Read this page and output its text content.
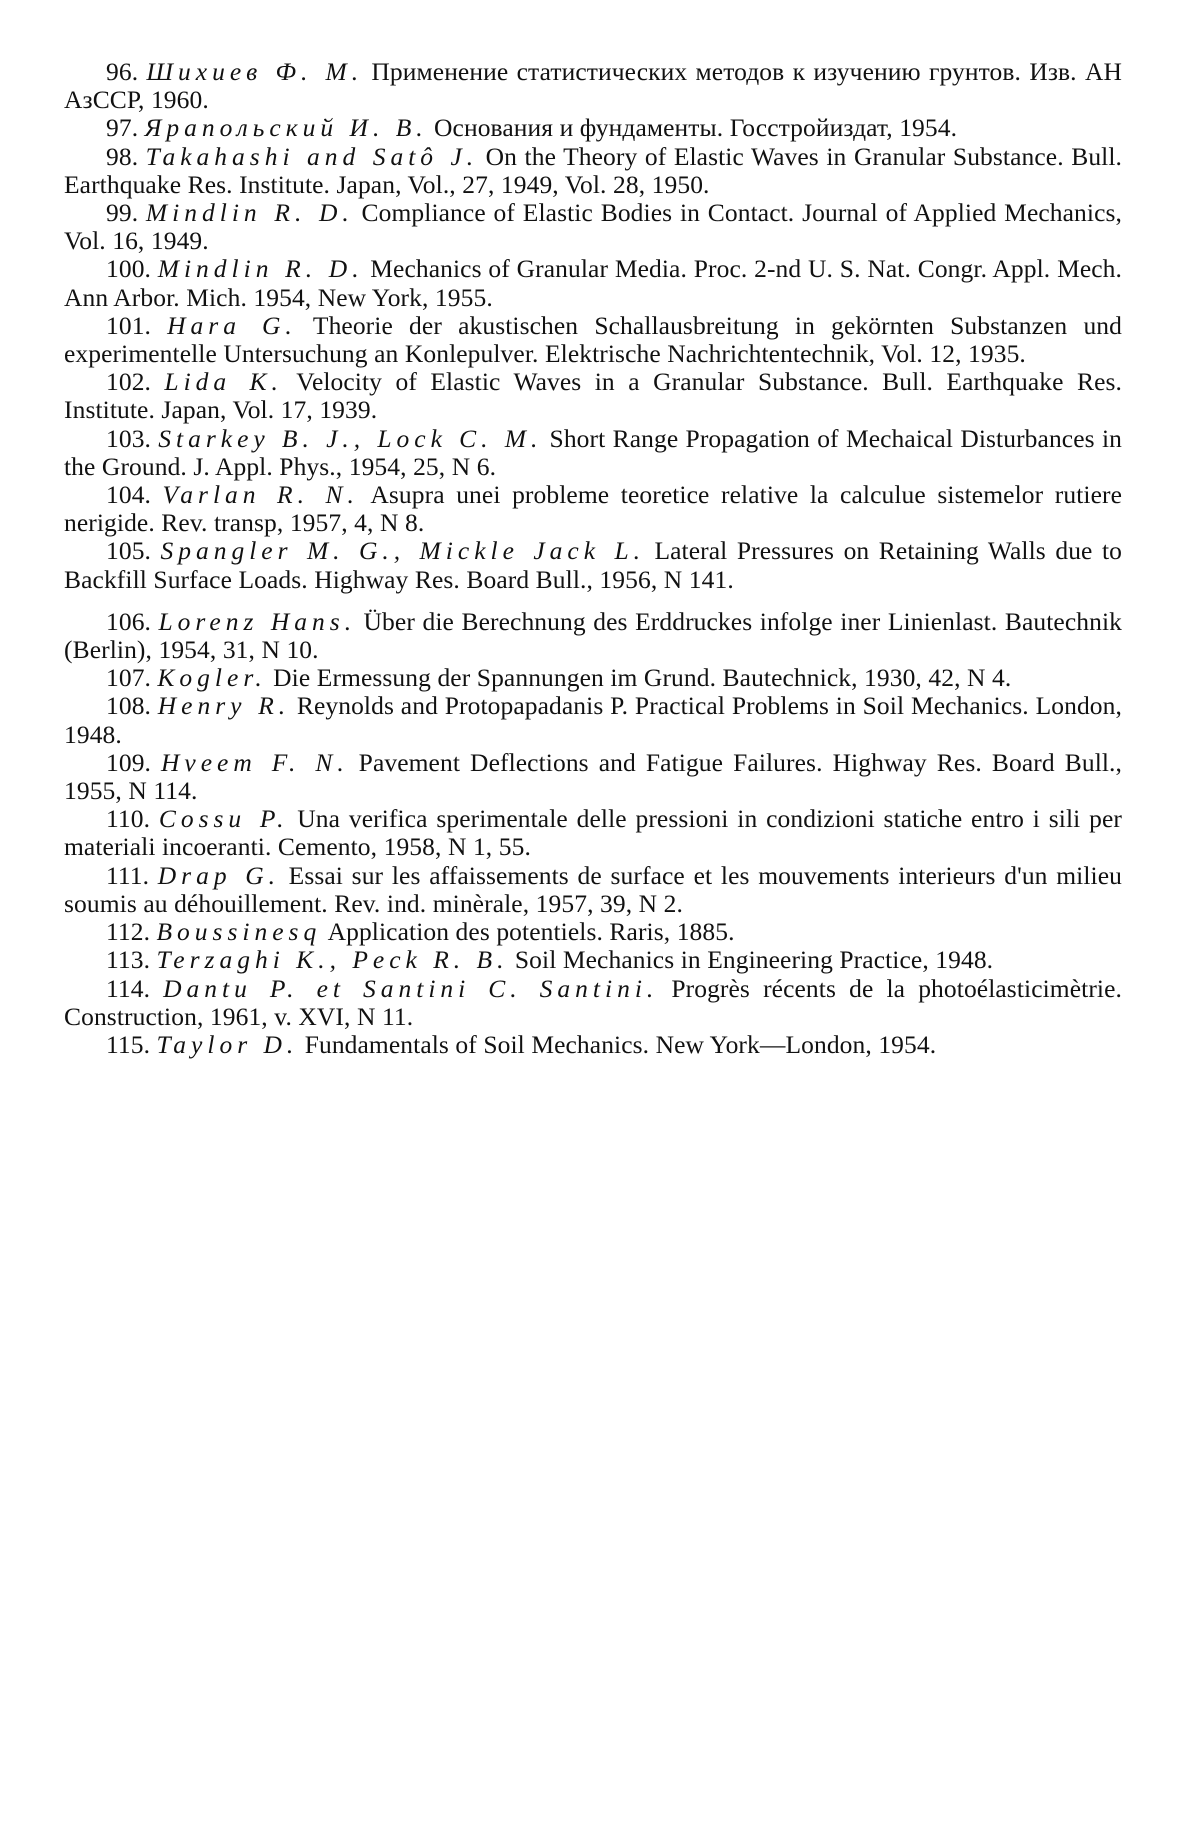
96. Шихиев Ф. М. Применение статистических методов к изучению грунтов. Изв. АН АзССР, 1960.

97. Ярапольский И. В. Основания и фундаменты. Госстройиздат, 1954.

98. Takahashi and Satô J. On the Theory of Elastic Waves in Granular Substance. Bull. Earthquake Res. Institute. Japan, Vol., 27, 1949, Vol. 28, 1950.

99. Mindlin R. D. Compliance of Elastic Bodies in Contact. Journal of Applied Mechanics, Vol. 16, 1949.

100. Mindlin R. D. Mechanics of Granular Media. Proc. 2-nd U. S. Nat. Congr. Appl. Mech. Ann Arbor. Mich. 1954, New York, 1955.

101. Hara G. Theorie der akustischen Schallausbreitung in gekörnten Substanzen und experimentelle Untersuchung an Konlepulver. Elektrische Nachrichtentechnik, Vol. 12, 1935.

102. Lida K. Velocity of Elastic Waves in a Granular Substance. Bull. Earthquake Res. Institute. Japan, Vol. 17, 1939.

103. Starkey B. J., Lock C. M. Short Range Propagation of Mechaical Disturbances in the Ground. J. Appl. Phys., 1954, 25, N 6.

104. Varlan R. N. Asupra unei probleme teoretice relative la calculue sistemelor rutiere nerigide. Rev. transp, 1957, 4, N 8.

105. Spangler M. G., Mickle Jack L. Lateral Pressures on Retaining Walls due to Backfill Surface Loads. Highway Res. Board Bull., 1956, N 141.

106. Lorenz Hans. Über die Berechnung des Erddruckes infolge iner Linienlast. Bautechnik (Berlin), 1954, 31, N 10.

107. Kogler. Die Ermessung der Spannungen im Grund. Bautechnick, 1930, 42, N 4.

108. Henry R. Reynolds and Protopapadanis P. Practical Problems in Soil Mechanics. London, 1948.

109. Hveem F. N. Pavement Deflections and Fatigue Failures. Highway Res. Board Bull., 1955, N 114.

110. Cossu P. Una verifica sperimentale delle pressioni in condizioni statiche entro i sili per materiali incoeranti. Cemento, 1958, N 1, 55.

111. Drap G. Essai sur les affaissements de surface et les mouvements interieurs d'un milieu soumis au déhouillement. Rev. ind. minèrale, 1957, 39, N 2.

112. Boussinesq Application des potentiels. Raris, 1885.

113. Terzaghi K., Peck R. B. Soil Mechanics in Engineering Practice, 1948.

114. Dantu P. et Santini C. Santini. Progrès récents de la photoélasticimètrie. Construction, 1961, v. XVI, N 11.

115. Taylor D. Fundamentals of Soil Mechanics. New York—London, 1954.
